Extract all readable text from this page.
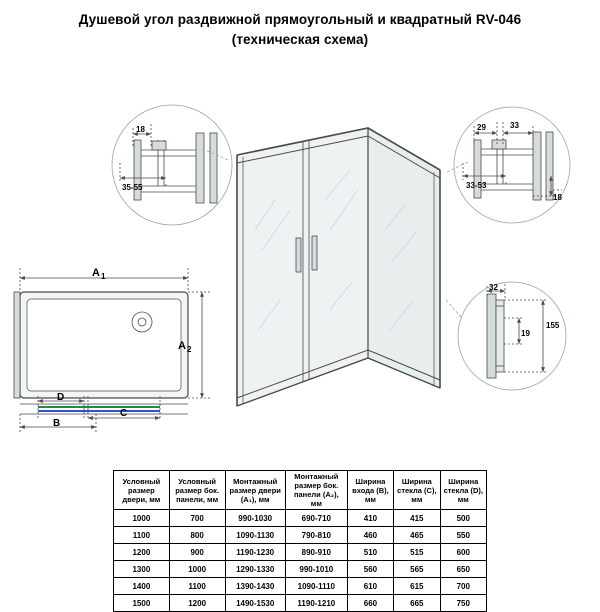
Душевой угол раздвижной прямоугольный и квадратный RV-046
(техническая схема)
18
35-55
29	33
33-53
18
32
19
155
A 1
A 2
D
C
B
Условный размер двери, мм	Условный размер бок. панели, мм	Монтажный размер двери (A₁), мм	Монтажный размер бок. панели (A₂), мм	Ширина входа (B), мм	Ширина стекла (C), мм	Ширина стекла (D), мм
1000	700	990-1030	690-710	410	415	500
1100	800	1090-1130	790-810	460	465	550
1200	900	1190-1230	890-910	510	515	600
1300	1000	1290-1330	990-1010	560	565	650
1400	1100	1390-1430	1090-1110	610	615	700
1500	1200	1490-1530	1190-1210	660	665	750
